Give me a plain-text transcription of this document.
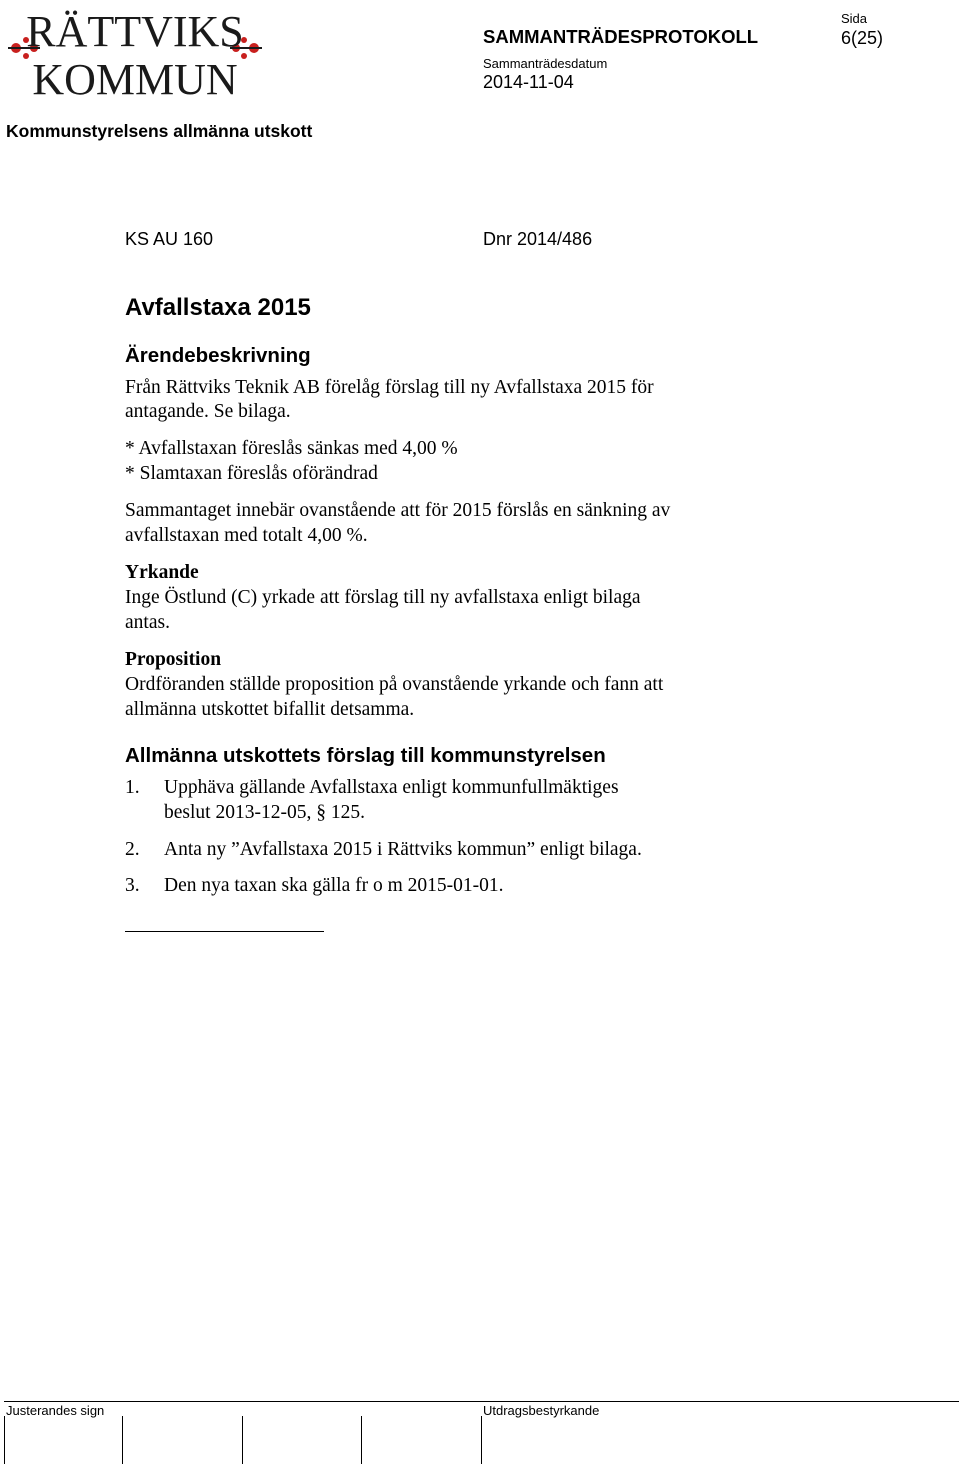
RÄTTVIKS
KOMMUN
SAMMANTRÄDESPROTOKOLL
Sida
6(25)
Sammanträdesdatum
2014-11-04
Kommunstyrelsens allmänna utskott
KS AU 160	Dnr 2014/486
Avfallstaxa 2015
Ärendebeskrivning
Från Rättviks Teknik AB förelåg förslag till ny Avfallstaxa 2015 för
antagande. Se bilaga.
* Avfallstaxan föreslås sänkas med 4,00 %
* Slamtaxan föreslås oförändrad
Sammantaget innebär ovanstående att för 2015 förslås en sänkning av
avfallstaxan med totalt 4,00 %.
Yrkande
Inge Östlund (C) yrkade att förslag till ny avfallstaxa enligt bilaga
antas.
Proposition
Ordföranden ställde proposition på ovanstående yrkande och fann att
allmänna utskottet bifallit detsamma.
Allmänna utskottets förslag till kommunstyrelsen
1. Upphäva gällande Avfallstaxa enligt kommunfullmäktiges
beslut 2013-12-05, § 125.
2. Anta ny ”Avfallstaxa 2015 i Rättviks kommun” enligt bilaga.
3. Den nya taxan ska gälla fr o m 2015-01-01.
Justerandes sign	Utdragsbestyrkande
